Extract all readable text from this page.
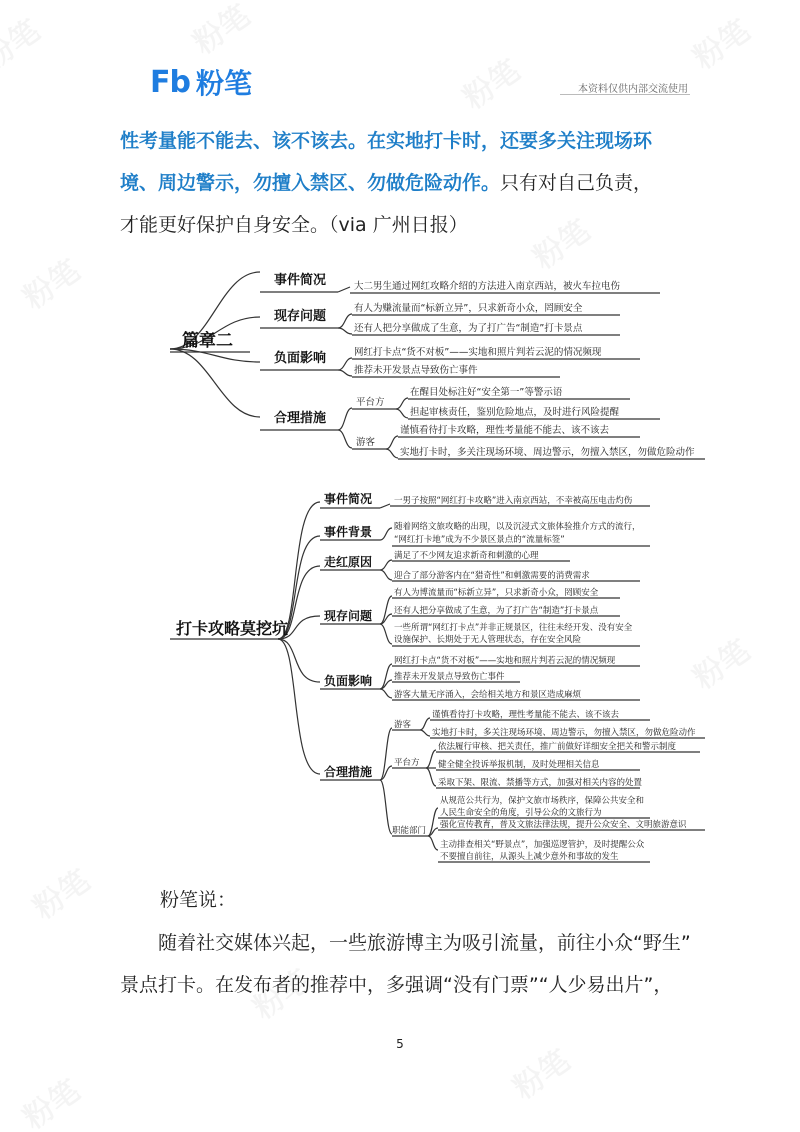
Fb 粉笔	本资料仅供内部交流使用
性考量能不能去、该不该去。在实地打卡时，还要多关注现场环
境、周边警示，勿擅入禁区、勿做危险动作。只有对自己负责，
才能更好保护自身安全。（via 广州日报）
篇章二
事件简况
现存问题
负面影响
合理措施
大二男生通过网红攻略介绍的方法进入南京西站，被火车拉电伤
有人为赚流量而“标新立异”，只求新奇小众，罔顾安全
还有人把分享做成了生意，为了打广告“制造”打卡景点
网红打卡点“货不对板”——实地和照片判若云泥的情况频现
推荐未开发景点导致伤亡事件
平台方
游客
在醒目处标注好“安全第一”等警示语
担起审核责任，鉴别危险地点，及时进行风险提醒
谨慎看待打卡攻略，理性考量能不能去、该不该去
实地打卡时，多关注现场环境、周边警示，勿擅入禁区，勿做危险动作
打卡攻略莫挖坑
事件简况
事件背景
走红原因
现存问题
负面影响
合理措施
一男子按照“网红打卡攻略”进入南京西站，不幸被高压电击灼伤
随着网络文旅攻略的出现，以及沉浸式文旅体验推介方式的流行，
“网红打卡地”成为不少景区景点的“流量标签”
满足了不少网友追求新奇和刺激的心理
迎合了部分游客内在“猎奇性”和刺激需要的消费需求
有人为博流量而“标新立异”，只求新奇小众，罔顾安全
还有人把分享做成了生意，为了打广告“制造”打卡景点
一些所谓“网红打卡点”并非正规景区，往往未经开发、没有安全
设施保护、长期处于无人管理状态，存在安全风险
网红打卡点“货不对板”——实地和照片判若云泥的情况频现
推荐未开发景点导致伤亡事件
游客大量无序涌入，会给相关地方和景区造成麻烦
游客
平台方
职能部门
谨慎看待打卡攻略，理性考量能不能去、该不该去
实地打卡时，多关注现场环境、周边警示，勿擅入禁区，勿做危险动作
依法履行审核、把关责任，推广前做好详细安全把关和警示制度
健全健全投诉举报机制，及时处理相关信息
采取下架、限流、禁播等方式，加强对相关内容的处置
从规范公共行为，保护文旅市场秩序，保障公共安全和
人民生命安全的角度，引导公众的文旅行为
强化宣传教育，普及文旅法律法规，提升公众安全、文明旅游意识
主动排查相关“野景点”，加强巡逻管护，及时提醒公众
不要擅自前往，从源头上减少意外和事故的发生
粉笔说：
随着社交媒体兴起，一些旅游博主为吸引流量，前往小众“野生”
景点打卡。在发布者的推荐中，多强调“没有门票”“人少易出片”，
5
